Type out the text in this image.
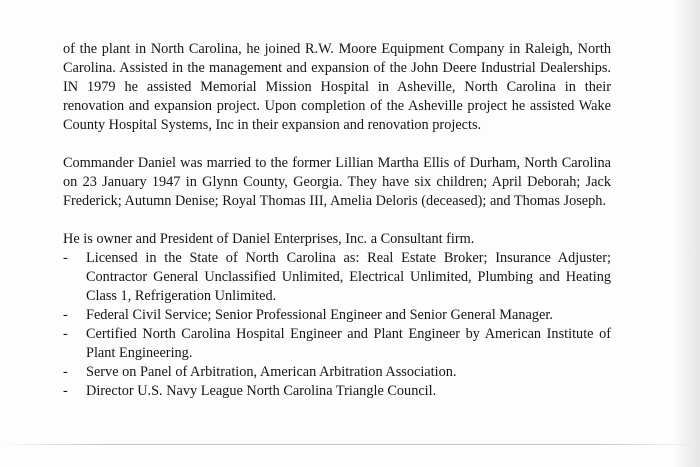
of the plant in North Carolina, he joined R.W. Moore Equipment Company in Raleigh, North Carolina. Assisted in the management and expansion of the John Deere Industrial Dealerships. IN 1979 he assisted Memorial Mission Hospital in Asheville, North Carolina in their renovation and expansion project. Upon completion of the Asheville project he assisted Wake County Hospital Systems, Inc in their expansion and renovation projects.

Commander Daniel was married to the former Lillian Martha Ellis of Durham, North Carolina on 23 January 1947 in Glynn County, Georgia. They have six children; April Deborah; Jack Frederick; Autumn Denise; Royal Thomas III, Amelia Deloris (deceased); and Thomas Joseph.

He is owner and President of Daniel Enterprises, Inc. a Consultant firm.

- Licensed in the State of North Carolina as: Real Estate Broker; Insurance Adjuster; Contractor General Unclassified Unlimited, Electrical Unlimited, Plumbing and Heating Class 1, Refrigeration Unlimited.
- Federal Civil Service; Senior Professional Engineer and Senior General Manager.
- Certified North Carolina Hospital Engineer and Plant Engineer by American Institute of Plant Engineering.
- Serve on Panel of Arbitration, American Arbitration Association.
- Director U.S. Navy League North Carolina Triangle Council.
